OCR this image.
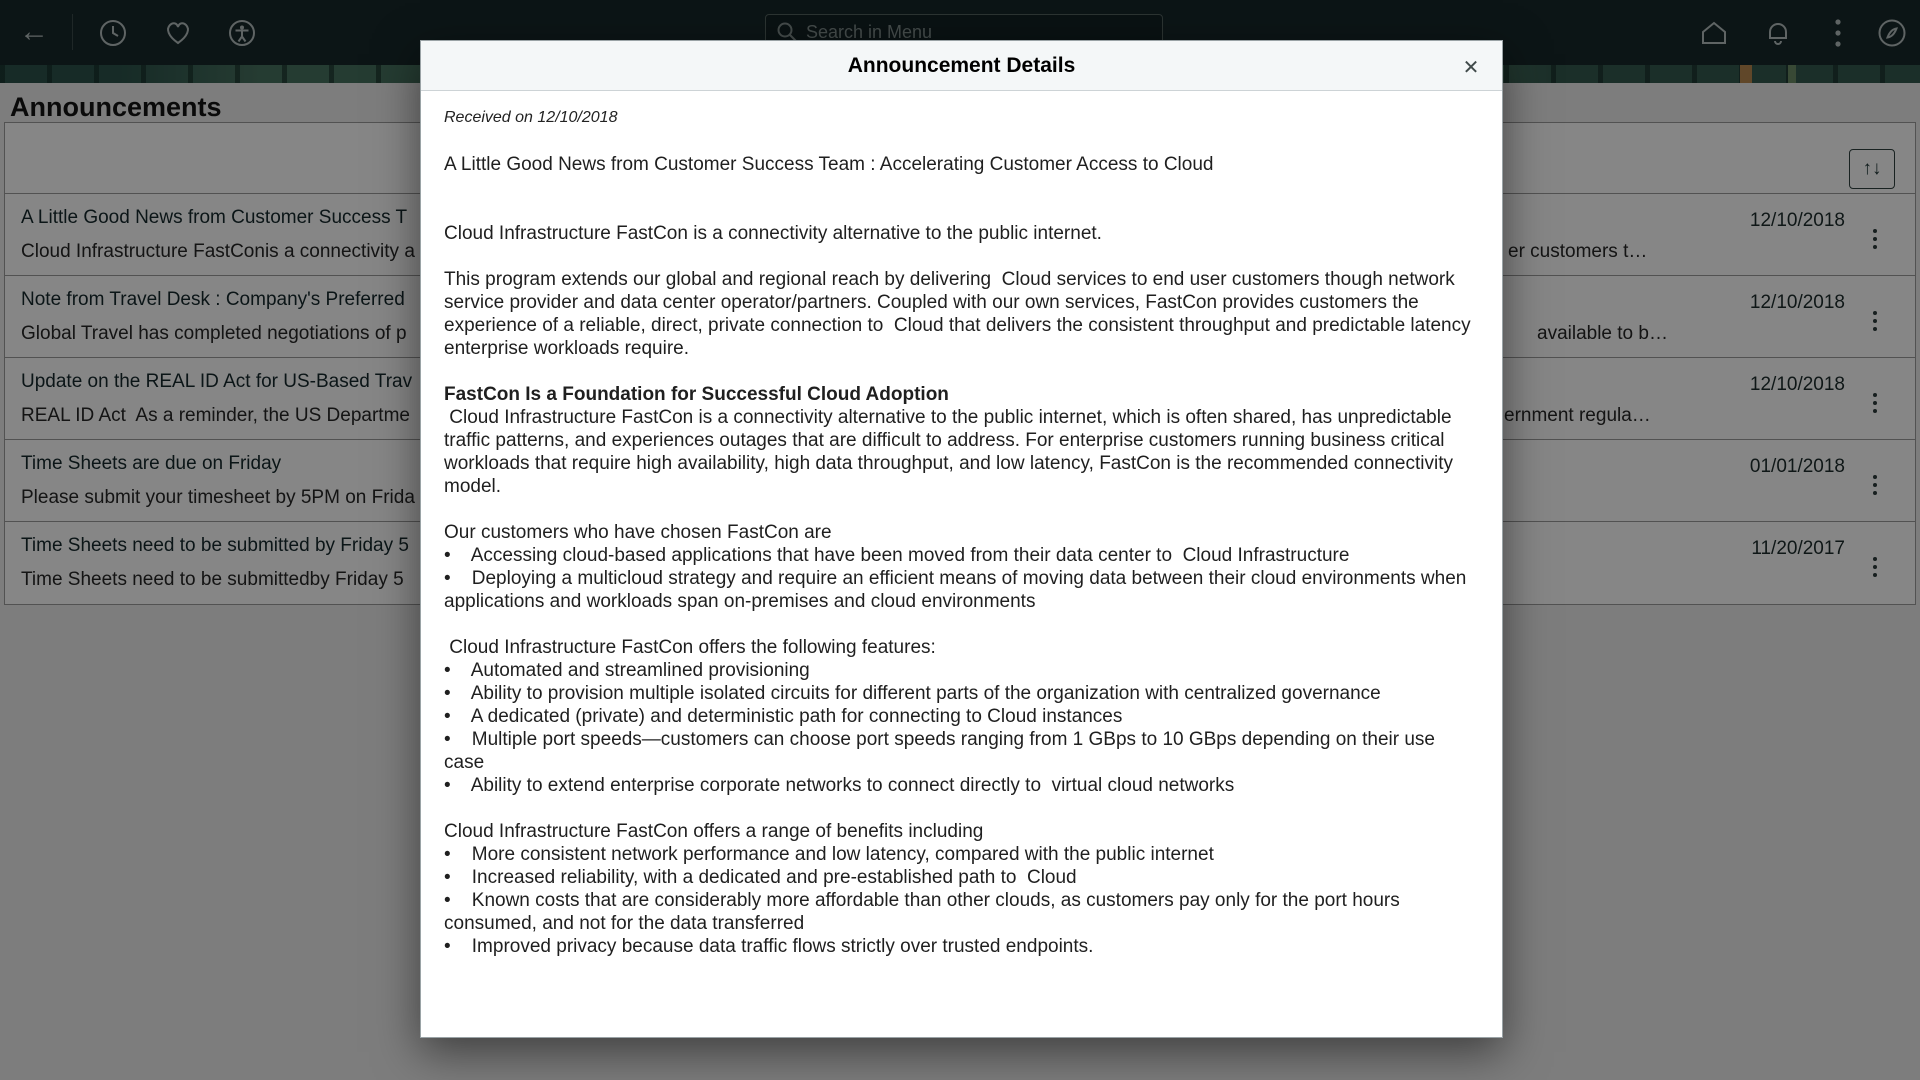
←
Search in Menu
Announcements
↑↓
A Little Good News from Customer Success T
Cloud Infrastructure FastConis a connectivity a	er customers t…
12/10/2018
Note from Travel Desk : Company's Preferred
Global Travel has completed negotiations of p	available to b…
12/10/2018
Update on the REAL ID Act for US-Based Trav
REAL ID Act  As a reminder, the US Departme	ernment regula…
12/10/2018
Time Sheets are due on Friday
Please submit your timesheet by 5PM on Frida
01/01/2018
Time Sheets need to be submitted by Friday 5
Time Sheets need to be submittedby Friday 5
11/20/2017
Announcement Details	✕
Received on 12/10/2018
A Little Good News from Customer Success Team : Accelerating Customer Access to Cloud
Cloud Infrastructure FastCon is a connectivity alternative to the public internet.
This program extends our global and regional reach by delivering  Cloud services to end user customers though network service provider and data center operator/partners. Coupled with our own services, FastCon provides customers the experience of a reliable, direct, private connection to  Cloud that delivers the consistent throughput and predictable latency enterprise workloads require.
FastCon Is a Foundation for Successful Cloud Adoption
Cloud Infrastructure FastCon is a connectivity alternative to the public internet, which is often shared, has unpredictable traffic patterns, and experiences outages that are difficult to address. For enterprise customers running business critical workloads that require high availability, high data throughput, and low latency, FastCon is the recommended connectivity model.
Our customers who have chosen FastCon are
•    Accessing cloud-based applications that have been moved from their data center to  Cloud Infrastructure
•    Deploying a multicloud strategy and require an efficient means of moving data between their cloud environments when applications and workloads span on-premises and cloud environments
Cloud Infrastructure FastCon offers the following features:
•    Automated and streamlined provisioning
•    Ability to provision multiple isolated circuits for different parts of the organization with centralized governance
•    A dedicated (private) and deterministic path for connecting to Cloud instances
•    Multiple port speeds—customers can choose port speeds ranging from 1 GBps to 10 GBps depending on their use case
•    Ability to extend enterprise corporate networks to connect directly to  virtual cloud networks
Cloud Infrastructure FastCon offers a range of benefits including
•    More consistent network performance and low latency, compared with the public internet
•    Increased reliability, with a dedicated and pre-established path to  Cloud
•    Known costs that are considerably more affordable than other clouds, as customers pay only for the port hours consumed, and not for the data transferred
•    Improved privacy because data traffic flows strictly over trusted endpoints.
